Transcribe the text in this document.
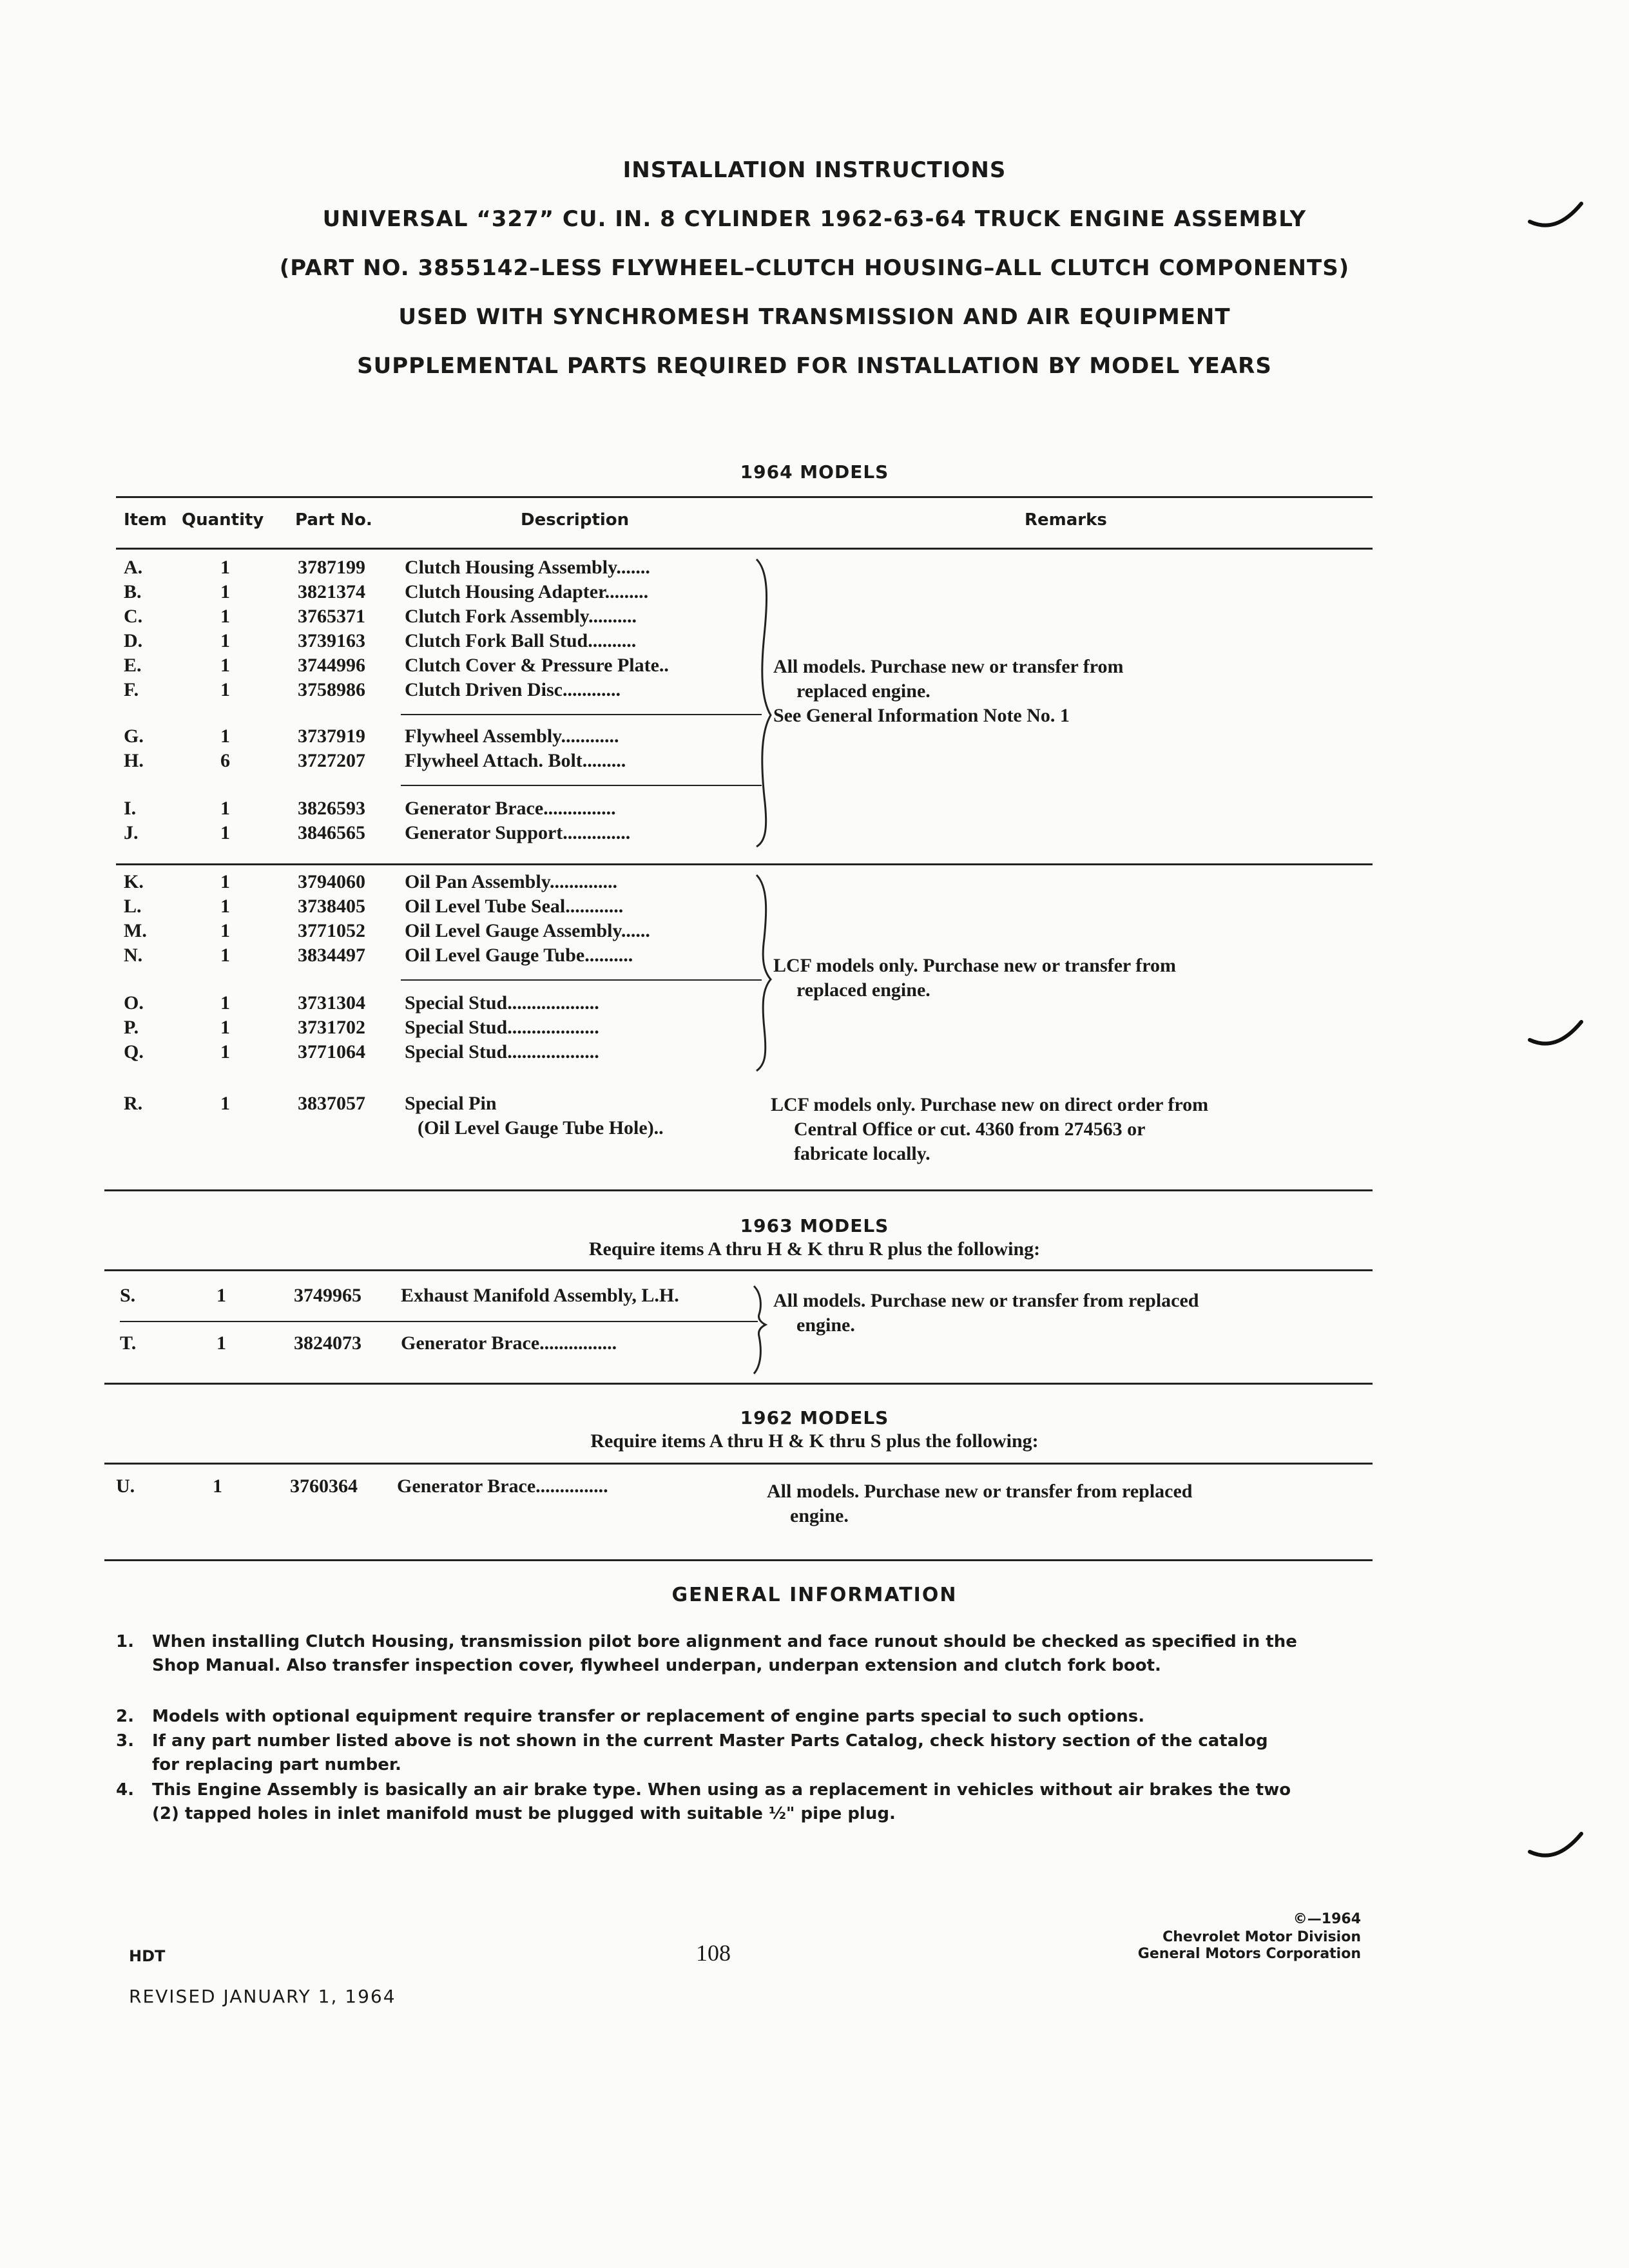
INSTALLATION INSTRUCTIONS
UNIVERSAL “327” CU. IN. 8 CYLINDER 1962-63-64 TRUCK ENGINE ASSEMBLY
(PART NO. 3855142–LESS FLYWHEEL–CLUTCH HOUSING–ALL CLUTCH COMPONENTS)
USED WITH SYNCHROMESH TRANSMISSION AND AIR EQUIPMENT
SUPPLEMENTAL PARTS REQUIRED FOR INSTALLATION BY MODEL YEARS
1964 MODELS
Item Quantity Part No.	Description	Remarks
A.	1	3787199 Clutch Housing Assembly.......
B.	1	3821374 Clutch Housing Adapter.........
C.	1	3765371 Clutch Fork Assembly..........
D.	1	3739163 Clutch Fork Ball Stud..........
E.	1	3744996 Clutch Cover & Pressure Plate..
F.	1	3758986 Clutch Driven Disc............
G.	1	3737919 Flywheel Assembly............
H.	6	3727207 Flywheel Attach. Bolt.........
I.	1	3826593 Generator Brace...............
J.	1	3846565 Generator Support..............
All models. Purchase new or transfer from
replaced engine.
See General Information Note No. 1
K.	1	3794060 Oil Pan Assembly..............
L.	1	3738405 Oil Level Tube Seal............
M.	1	3771052 Oil Level Gauge Assembly......
N.	1	3834497 Oil Level Gauge Tube..........
O.	1	3731304 Special Stud...................
P.	1	3731702 Special Stud...................
Q.	1	3771064 Special Stud...................
LCF models only. Purchase new or transfer from
replaced engine.
R.	1	3837057 Special Pin
(Oil Level Gauge Tube Hole)..
LCF models only. Purchase new on direct order from
Central Office or cut. 4360 from 274563 or
fabricate locally.
1963 MODELS
Require items A thru H & K thru R plus the following:
S.	1	3749965 Exhaust Manifold Assembly, L.H.
T.	1	3824073 Generator Brace................
All models. Purchase new or transfer from replaced
engine.
1962 MODELS
Require items A thru H & K thru S plus the following:
U.	1	3760364 Generator Brace...............	All models. Purchase new or transfer from replaced
engine.
GENERAL INFORMATION
1. When installing Clutch Housing, transmission pilot bore alignment and face runout should be checked as specified in the Shop Manual. Also transfer inspection cover, flywheel underpan, underpan extension and clutch fork boot.
2. Models with optional equipment require transfer or replacement of engine parts special to such options.
3. If any part number listed above is not shown in the current Master Parts Catalog, check history section of the catalog for replacing part number.
4. This Engine Assembly is basically an air brake type. When using as a replacement in vehicles without air brakes the two (2) tapped holes in inlet manifold must be plugged with suitable ½" pipe plug.
HDT	108
REVISED JANUARY 1, 1964
©—1964
Chevrolet Motor Division
General Motors Corporation
